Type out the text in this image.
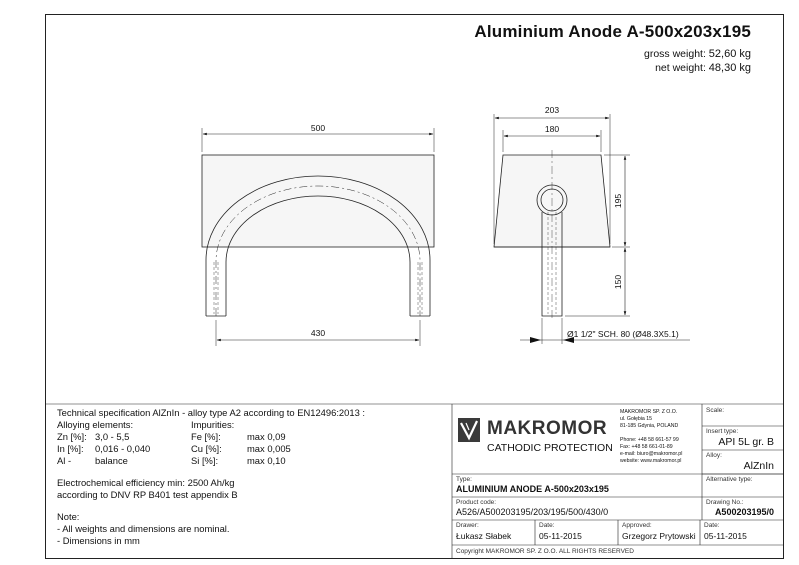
Aluminium Anode A-500x203x195
gross weight: 52,60 kg
net weight: 48,30 kg
500
430
203
180
195
150
Ø1 1/2" SCH. 80 (Ø48.3X5.1)
Technical specification AlZnIn - alloy type A2 according to EN12496:2013 :
Alloying elements:		Impurities:	
Zn [%]:	3,0 - 5,5	Fe [%]:	max 0,09
In [%]:	0,016 - 0,040	Cu [%]:	max 0,005
Al -	balance	Si [%]:	max 0,10
Electrochemical efficiency min: 2500 Ah/kg
according to DNV RP B401 test appendix B
Note:
- All weights and dimensions are nominal.
- Dimensions in mm
MAKROMOR
CATHODIC PROTECTION
MAKROMOR SP. Z O.O.
ul. Gołębia 15
81-185 Gdynia, POLAND
Phone: +48 58 661-57 99
Fax: +48 58 661-01-89
e-mail: biuro@makromor.pl
website: www.makromor.pl
Scale:
Insert type:
API 5L gr. B
Alloy:
AlZnIn
Alternative type:
Type:
ALUMINIUM ANODE A-500x203x195
Product code:
A526/A500203195/203/195/500/430/0
Drawing No.:
A500203195/0
Drawer:
Łukasz Słabek
Date:
05-11-2015
Approved:
Grzegorz Prytowski
Date:
05-11-2015
Copyright MAKROMOR SP. Z O.O. ALL RIGHTS RESERVED
